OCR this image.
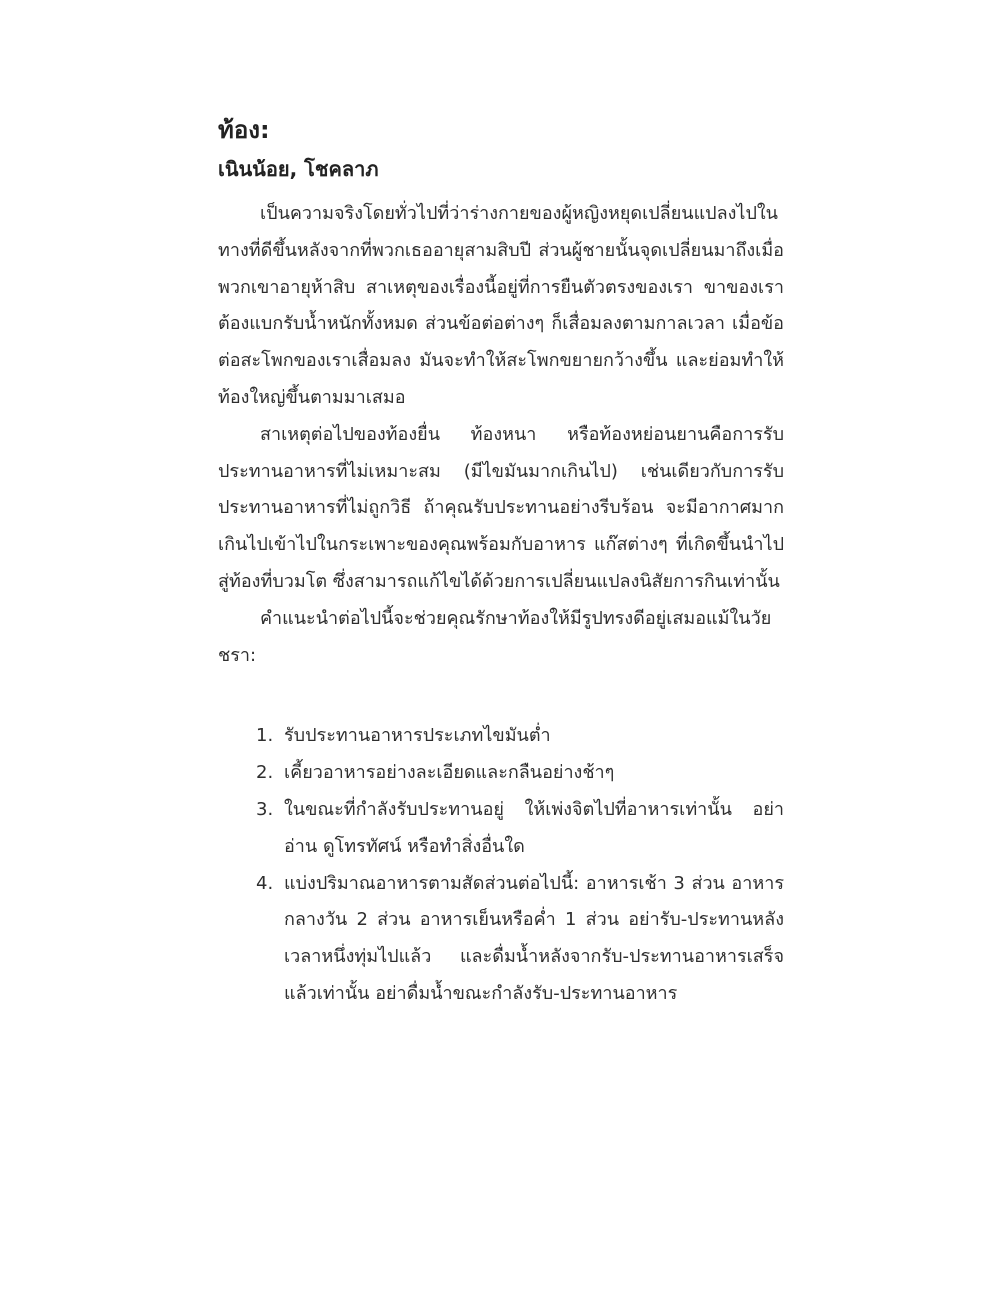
ท้อง:
เนินน้อย, โชคลาภ

เป็นความจริงโดยทั่วไปที่ว่าร่างกายของผู้หญิงหยุดเปลี่ยนแปลงไปในทางที่ดีขึ้นหลังจากที่พวกเธออายุสามสิบปี ส่วนผู้ชายนั้นจุดเปลี่ยนมาถึงเมื่อพวกเขาอายุห้าสิบ สาเหตุของเรื่องนี้อยู่ที่การยืนตัวตรงของเรา ขาของเราต้องแบกรับน้ำหนักทั้งหมด ส่วนข้อต่อต่างๆ ก็เสื่อมลงตามกาลเวลา เมื่อข้อต่อสะโพกของเราเสื่อมลง มันจะทำให้สะโพกขยายกว้างขึ้น และย่อมทำให้ท้องใหญ่ขึ้นตามมาเสมอ

สาเหตุต่อไปของท้องยื่น ท้องหนา หรือท้องหย่อนยานคือการรับประทานอาหารที่ไม่เหมาะสม (มีไขมันมากเกินไป) เช่นเดียวกับการรับประทานอาหารที่ไม่ถูกวิธี ถ้าคุณรับประทานอย่างรีบร้อน จะมีอากาศมากเกินไปเข้าไปในกระเพาะของคุณพร้อมกับอาหาร แก๊สต่างๆ ที่เกิดขึ้นนำไปสู่ท้องที่บวมโต ซึ่งสามารถแก้ไขได้ด้วยการเปลี่ยนแปลงนิสัยการกินเท่านั้น

คำแนะนำต่อไปนี้จะช่วยคุณรักษาท้องให้มีรูปทรงดีอยู่เสมอแม้ในวัยชรา:

1. รับประทานอาหารประเภทไขมันต่ำ
2. เคี้ยวอาหารอย่างละเอียดและกลืนอย่างช้าๆ
3. ในขณะที่กำลังรับประทานอยู่ ให้เพ่งจิตไปที่อาหารเท่านั้น อย่าอ่าน ดูโทรทัศน์ หรือทำสิ่งอื่นใด
4. แบ่งปริมาณอาหารตามสัดส่วนต่อไปนี้: อาหารเช้า 3 ส่วน อาหารกลางวัน 2 ส่วน อาหารเย็นหรือค่ำ 1 ส่วน อย่ารับ-ประทานหลังเวลาหนึ่งทุ่มไปแล้ว และดื่มน้ำหลังจากรับ-ประทานอาหารเสร็จแล้วเท่านั้น อย่าดื่มน้ำขณะกำลังรับ-ประทานอาหาร
